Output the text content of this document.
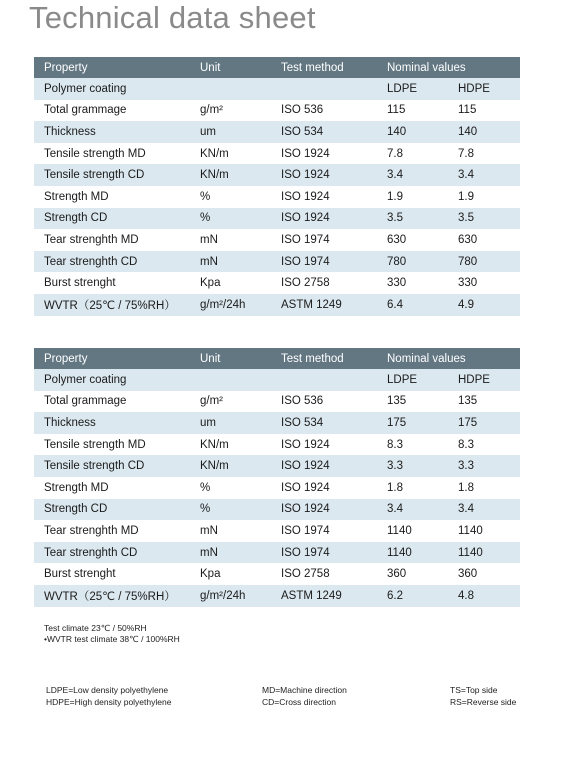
Technical data sheet
Property	Unit	Test method	Nominal values	
Polymer coating			LDPE	HDPE
Total grammage	g/m²	ISO 536	115	115
Thickness	um	ISO 534	140	140
Tensile strength MD	KN/m	ISO 1924	7.8	7.8
Tensile strength CD	KN/m	ISO 1924	3.4	3.4
Strength MD	%	ISO 1924	1.9	1.9
Strength CD	%	ISO 1924	3.5	3.5
Tear strenghth MD	mN	ISO 1974	630	630
Tear strenghth CD	mN	ISO 1974	780	780
Burst strenght	Kpa	ISO 2758	330	330
WVTR（25℃ / 75%RH）	g/m²/24h	ASTM 1249	6.4	4.9
Property	Unit	Test method	Nominal values	
Polymer coating			LDPE	HDPE
Total grammage	g/m²	ISO 536	135	135
Thickness	um	ISO 534	175	175
Tensile strength MD	KN/m	ISO 1924	8.3	8.3
Tensile strength CD	KN/m	ISO 1924	3.3	3.3
Strength MD	%	ISO 1924	1.8	1.8
Strength CD	%	ISO 1924	3.4	3.4
Tear strenghth MD	mN	ISO 1974	1140	1140
Tear strenghth CD	mN	ISO 1974	1140	1140
Burst strenght	Kpa	ISO 2758	360	360
WVTR（25℃ / 75%RH）	g/m²/24h	ASTM 1249	6.2	4.8
Test climate 23℃ / 50%RH
•WVTR test climate 38℃ / 100%RH
LDPE=Low density polyethylene
HDPE=High density polyethylene
MD=Machine direction
CD=Cross direction
TS=Top side
RS=Reverse side
